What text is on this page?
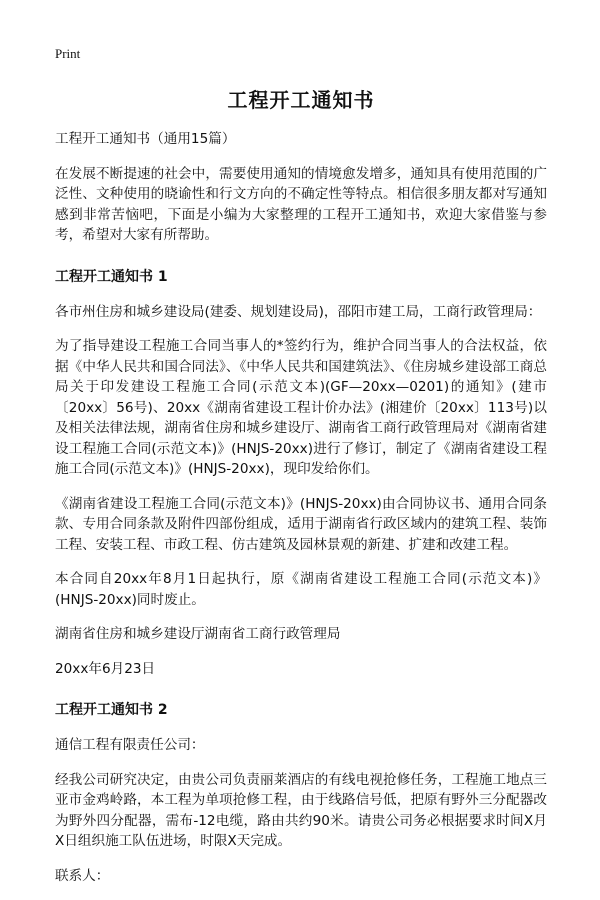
Print
工程开工通知书

工程开工通知书（通用15篇）

在发展不断提速的社会中，需要使用通知的情境愈发增多，通知具有使用范围的广泛性、文种使用的晓谕性和行文方向的不确定性等特点。相信很多朋友都对写通知感到非常苦恼吧，下面是小编为大家整理的工程开工通知书，欢迎大家借鉴与参考，希望对大家有所帮助。

工程开工通知书 1

各市州住房和城乡建设局(建委、规划建设局)，邵阳市建工局，工商行政管理局：

为了指导建设工程施工合同当事人的*签约行为，维护合同当事人的合法权益，依据《中华人民共和国合同法》、《中华人民共和国建筑法》、《住房城乡建设部工商总局关于印发建设工程施工合同(示范文本)(GF—20xx—0201)的通知》(建市〔20xx〕56号)、20xx《湖南省建设工程计价办法》(湘建价〔20xx〕113号)以及相关法律法规，湖南省住房和城乡建设厅、湖南省工商行政管理局对《湖南省建设工程施工合同(示范文本)》(HNJS-20xx)进行了修订，制定了《湖南省建设工程施工合同(示范文本)》(HNJS-20xx)，现印发给你们。

《湖南省建设工程施工合同(示范文本)》(HNJS-20xx)由合同协议书、通用合同条款、专用合同条款及附件四部份组成，适用于湖南省行政区域内的建筑工程、装饰工程、安装工程、市政工程、仿古建筑及园林景观的新建、扩建和改建工程。

本合同自20xx年8月1日起执行，原《湖南省建设工程施工合同(示范文本)》(HNJS-20xx)同时废止。

湖南省住房和城乡建设厅湖南省工商行政管理局

20xx年6月23日

工程开工通知书 2

通信工程有限责任公司：

经我公司研究决定，由贵公司负责丽莱酒店的有线电视抢修任务，工程施工地点三亚市金鸡岭路，本工程为单项抢修工程，由于线路信号低，把原有野外三分配器改为野外四分配器，需布-12电缆，路由共约90米。请贵公司务必根据要求时间X月X日组织施工队伍进场，时限X天完成。

联系人：
